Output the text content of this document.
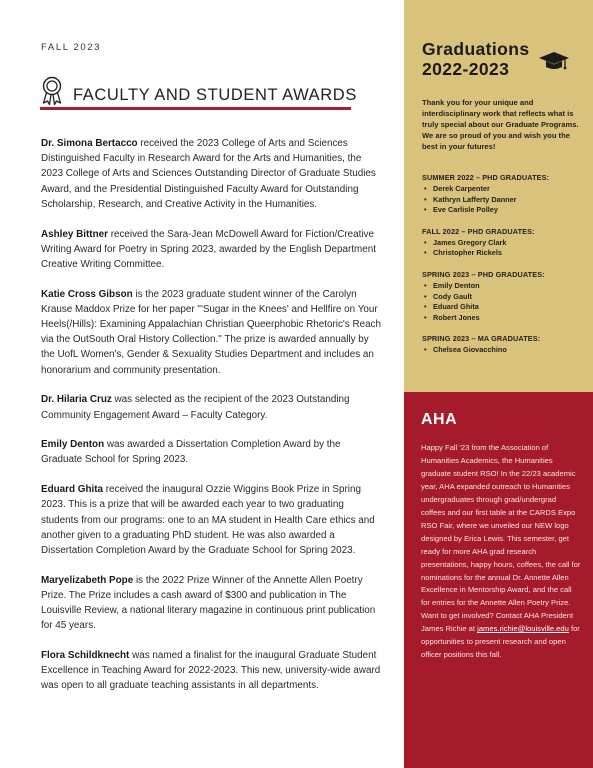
FALL 2023
FACULTY AND STUDENT AWARDS

Dr. Simona Bertacco received the 2023 College of Arts and Sciences Distinguished Faculty in Research Award for the Arts and Humanities, the 2023 College of Arts and Sciences Outstanding Director of Graduate Studies Award, and the Presidential Distinguished Faculty Award for Outstanding Scholarship, Research, and Creative Activity in the Humanities.

Ashley Bittner received the Sara-Jean McDowell Award for Fiction/Creative Writing Award for Poetry in Spring 2023, awarded by the English Department Creative Writing Committee.

Katie Cross Gibson is the 2023 graduate student winner of the Carolyn Krause Maddox Prize for her paper "'Sugar in the Knees' and Hellfire on Your Heels(/Hills): Examining Appalachian Christian Queerphobic Rhetoric's Reach via the OutSouth Oral History Collection." The prize is awarded annually by the UofL Women's, Gender & Sexuality Studies Department and includes an honorarium and community presentation.

Dr. Hilaria Cruz was selected as the recipient of the 2023 Outstanding Community Engagement Award – Faculty Category.

Emily Denton was awarded a Dissertation Completion Award by the Graduate School for Spring 2023.

Eduard Ghita received the inaugural Ozzie Wiggins Book Prize in Spring 2023. This is a prize that will be awarded each year to two graduating students from our programs: one to an MA student in Health Care ethics and another given to a graduating PhD student. He was also awarded a Dissertation Completion Award by the Graduate School for Spring 2023.

Maryelizabeth Pope is the 2022 Prize Winner of the Annette Allen Poetry Prize. The Prize includes a cash award of $300 and publication in The Louisville Review, a national literary magazine in continuous print publication for 45 years.

Flora Schildknecht was named a finalist for the inaugural Graduate Student Excellence in Teaching Award for 2022-2023. This new, university-wide award was open to all graduate teaching assistants in all departments.

Graduations
2022-2023

Thank you for your unique and interdisciplinary work that reflects what is truly special about our Graduate Programs. We are so proud of you and wish you the best in your futures!

SUMMER 2022 – PHD GRADUATES:
• Derek Carpenter
• Kathryn Lafferty Danner
• Eve Carlisle Polley
FALL 2022 – PHD GRADUATES:
• James Gregory Clark
• Christopher Rickels
SPRING 2023 – PHD GRADUATES:
• Emily Denton
• Cody Gault
• Eduard Ghita
• Robert Jones
SPRING 2023 – MA GRADUATES:
• Chelsea Giovacchino
AHA

Happy Fall '23 from the Association of Humanities Academics, the Humanities graduate student RSO! In the 22/23 academic year, AHA expanded outreach to Humanities undergraduates through grad/undergrad coffees and our first table at the CARDS Expo RSO Fair, where we unveiled our NEW logo designed by Erica Lewis. This semester, get ready for more AHA grad research presentations, happy hours, coffees, the call for nominations for the annual Dr. Annette Allen Excellence in Mentorship Award, and the call for entries for the Annette Allen Poetry Prize. Want to get involved? Contact AHA President James Richie at james.richie@louisville.edu for opportunities to present research and open officer positions this fall.
